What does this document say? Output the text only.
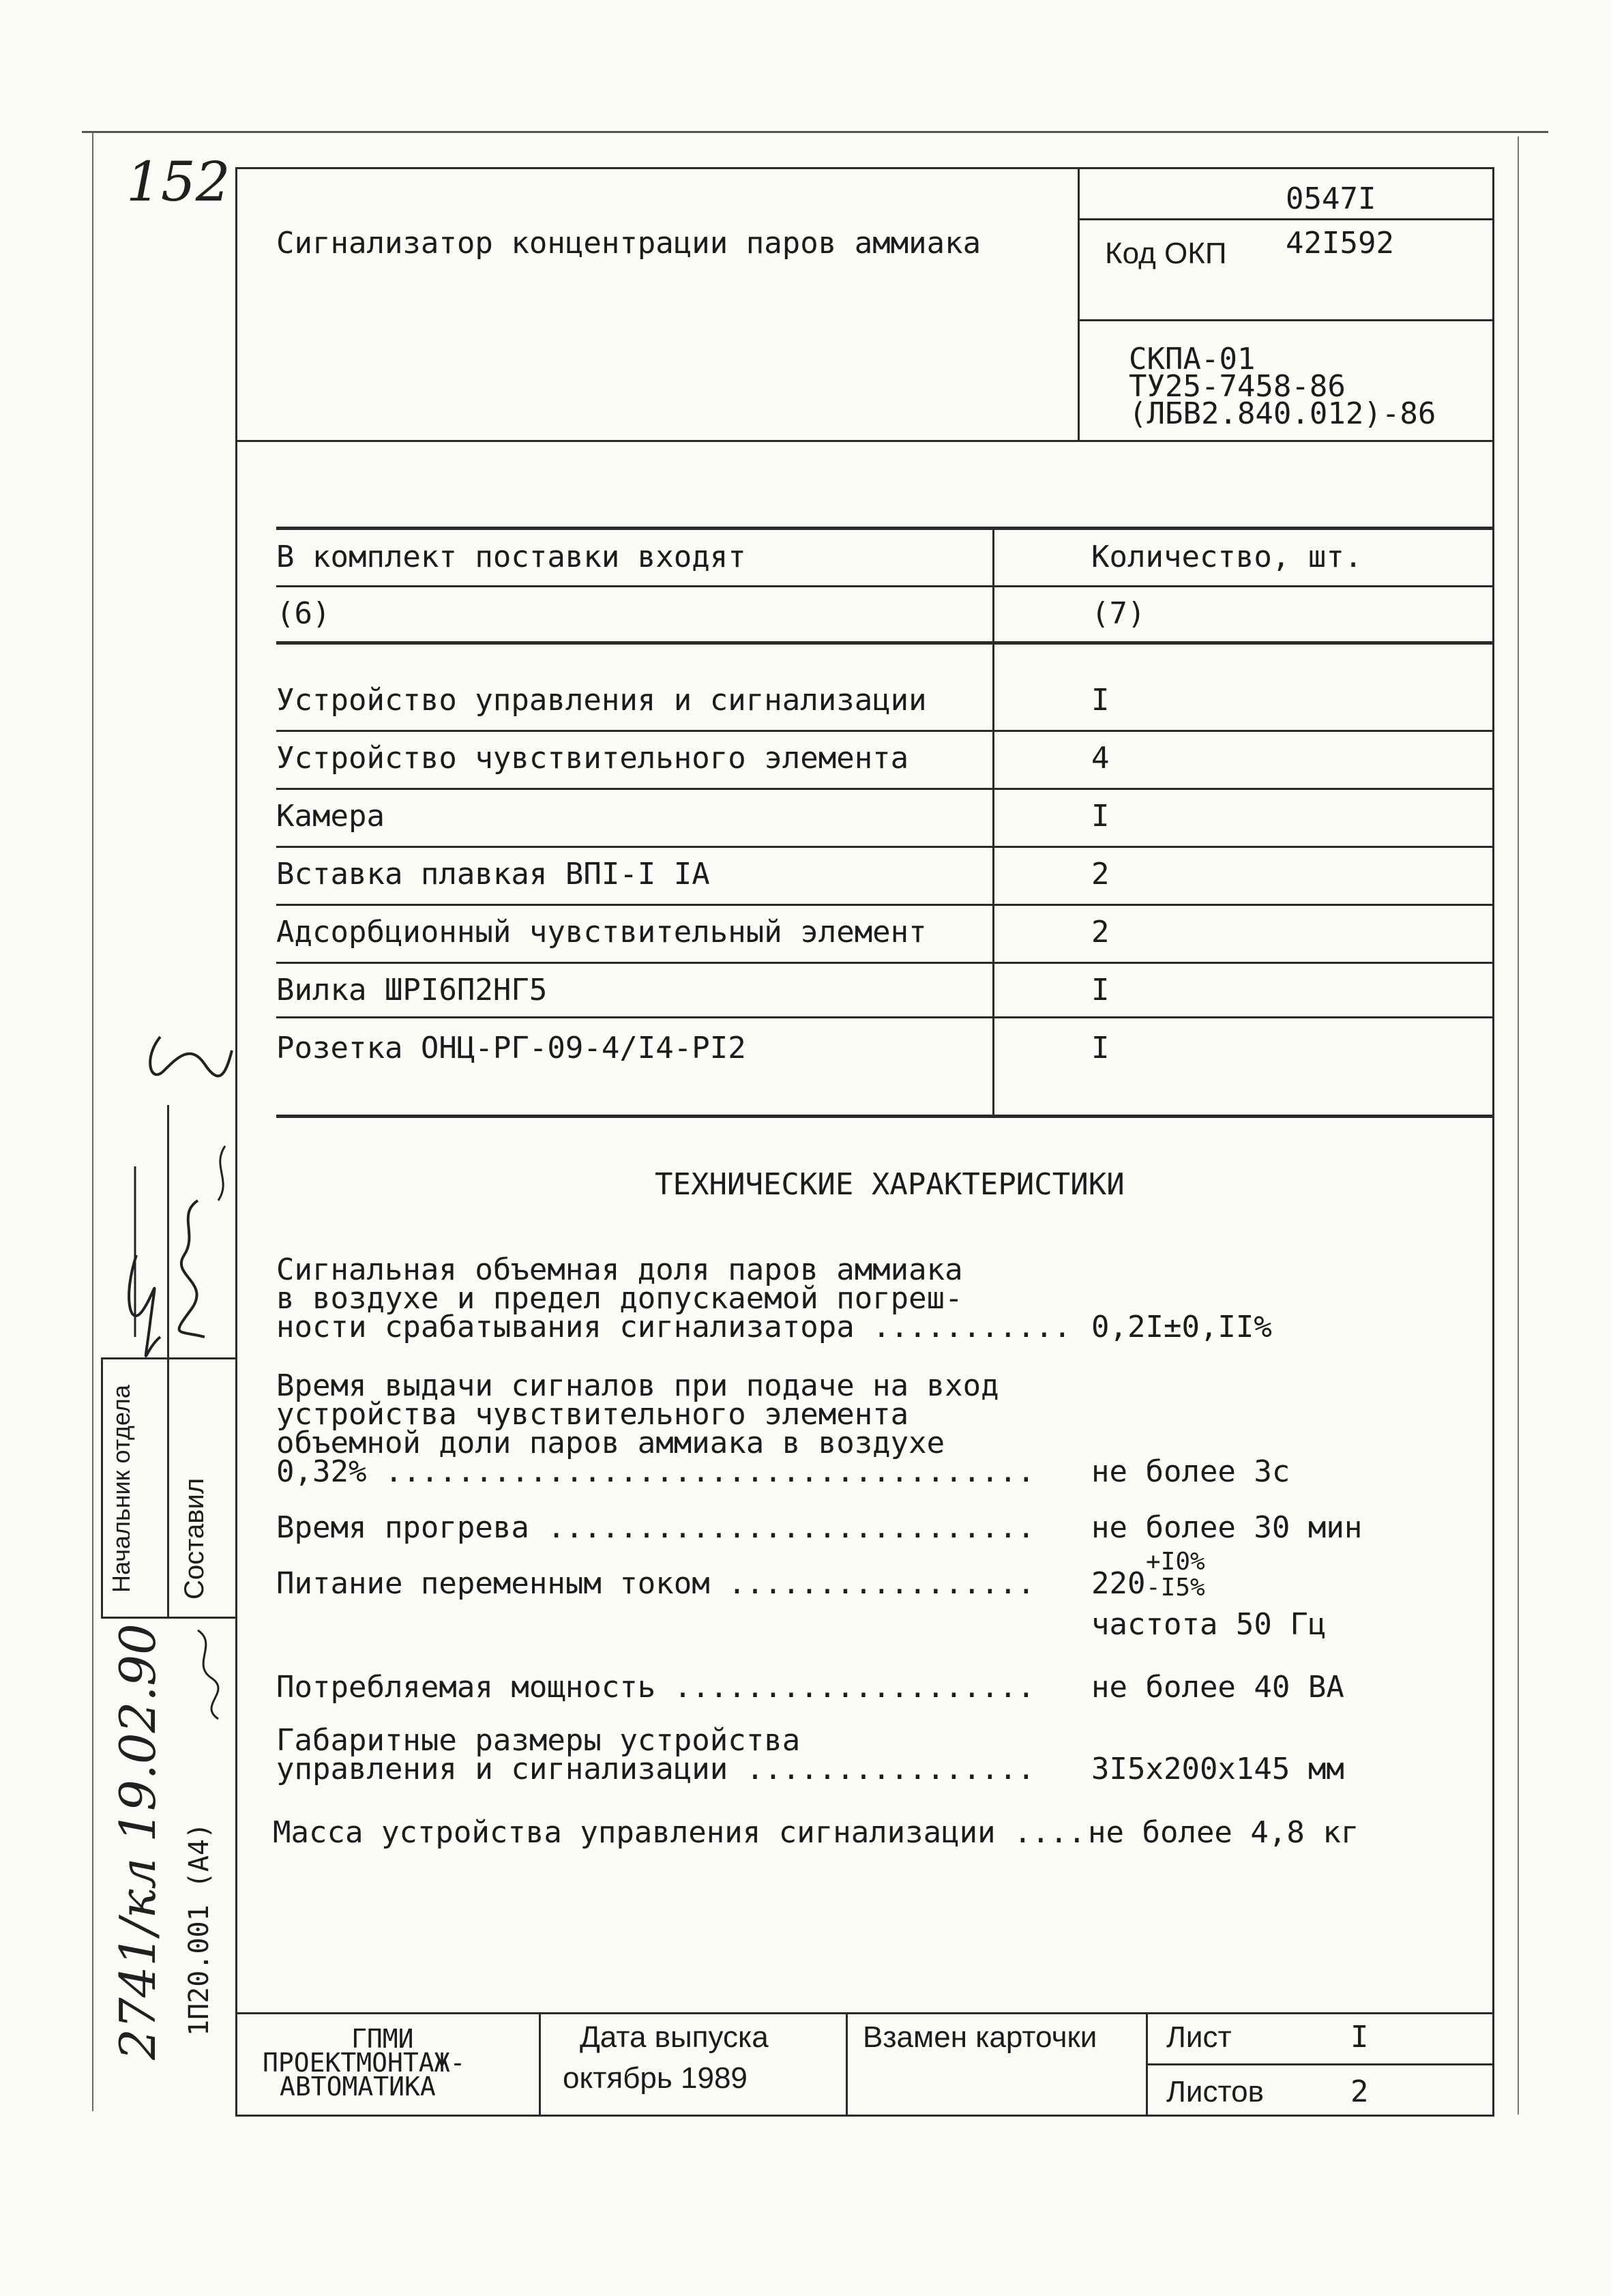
152
Сигнализатор концентрации паров аммиака
0547I
Код ОКП 42I592
СКПА-01
ТУ25-7458-86
(ЛБВ2.840.012)-86
В комплект поставки входят	Количество, шт.
(6)	(7)
Устройство управления и сигнализации	I
Устройство чувствительного элемента	4
Камера	I
Вставка плавкая ВПI-I IA	2
Адсорбционный чувствительный элемент	2
Вилка ШРI6П2НГ5	I
Розетка ОНЦ-РГ-09-4/I4-PI2	I
ТЕХНИЧЕСКИЕ ХАРАКТЕРИСТИКИ
Сигнальная объемная доля паров аммиака
в воздухе и предел допускаемой погреш-
ности срабатывания сигнализатора ........... 0,2I±0,II%
Время выдачи сигналов при подаче на вход
устройства чувствительного элемента
объемной доли паров аммиака в воздухе
0,32% .................................... не более 3с
Время прогрева ........................... не более 30 мин
Питание переменным током ................. 220
+I0%
-I5%
частота 50 Гц
Потребляемая мощность .................... не более 40 ВА
Габаритные размеры устройства
управления и сигнализации ................ 3I5x200x145 мм
Масса устройства управления сигнализации .... не более 4,8 кг
Начальник отдела Составил
2741/кл 19.02.90 1П20.001 (А4)
ГПМИ
ПРОЕКТМОНТАЖ-
АВТОМАТИКА
Дата выпуска
октябрь 1989
Взамен карточки Лист	I
Листов	2
